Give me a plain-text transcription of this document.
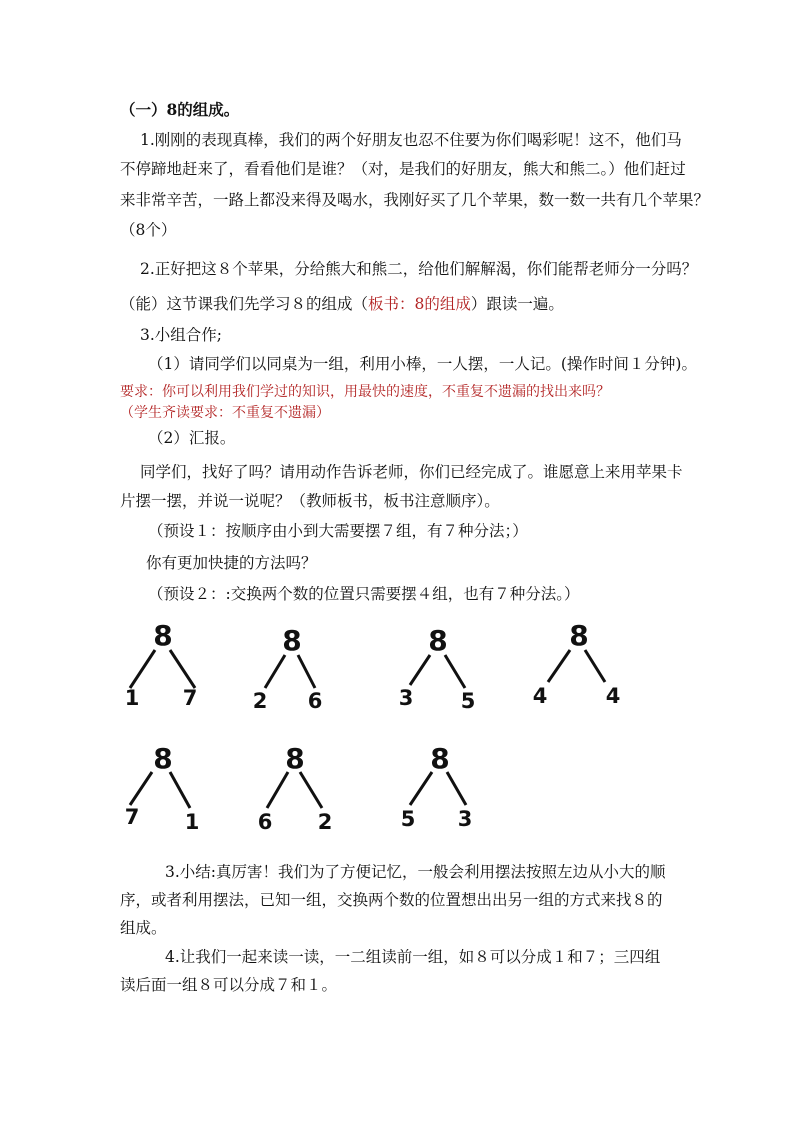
（一）8的组成。
1.刚刚的表现真棒，我们的两个好朋友也忍不住要为你们喝彩呢！这不，他们马
不停蹄地赶来了，看看他们是谁？（对，是我们的好朋友，熊大和熊二。）他们赶过
来非常辛苦，一路上都没来得及喝水，我刚好买了几个苹果，数一数一共有几个苹果？
（8个）
2.正好把这８个苹果，分给熊大和熊二，给他们解解渴，你们能帮老师分一分吗？
（能）这节课我们先学习８的组成（板书：8的组成）跟读一遍。
3.小组合作;
（1）请同学们以同桌为一组，利用小棒，一人摆，一人记。(操作时间１分钟)。
要求：你可以利用我们学过的知识，用最快的速度，不重复不遗漏的找出来吗？
（学生齐读要求：不重复不遗漏）
（2）汇报。
同学们，找好了吗？请用动作告诉老师，你们已经完成了。谁愿意上来用苹果卡
片摆一摆，并说一说呢？（教师板书，板书注意顺序）。
（预设１：按顺序由小到大需要摆７组，有７种分法；）
你有更加快捷的方法吗？
（预设２：:交换两个数的位置只需要摆４组，也有７种分法。）
8
1 7
8
2 6
8
3 5
8
4	4
8
7 1
8
6 2
8
5 3
3.小结:真厉害！我们为了方便记忆，一般会利用摆法按照左边从小大的顺
序，或者利用摆法，已知一组，交换两个数的位置想出出另一组的方式来找８的
组成。
4.让我们一起来读一读，一二组读前一组，如８可以分成１和７；三四组
读后面一组８可以分成７和１。
